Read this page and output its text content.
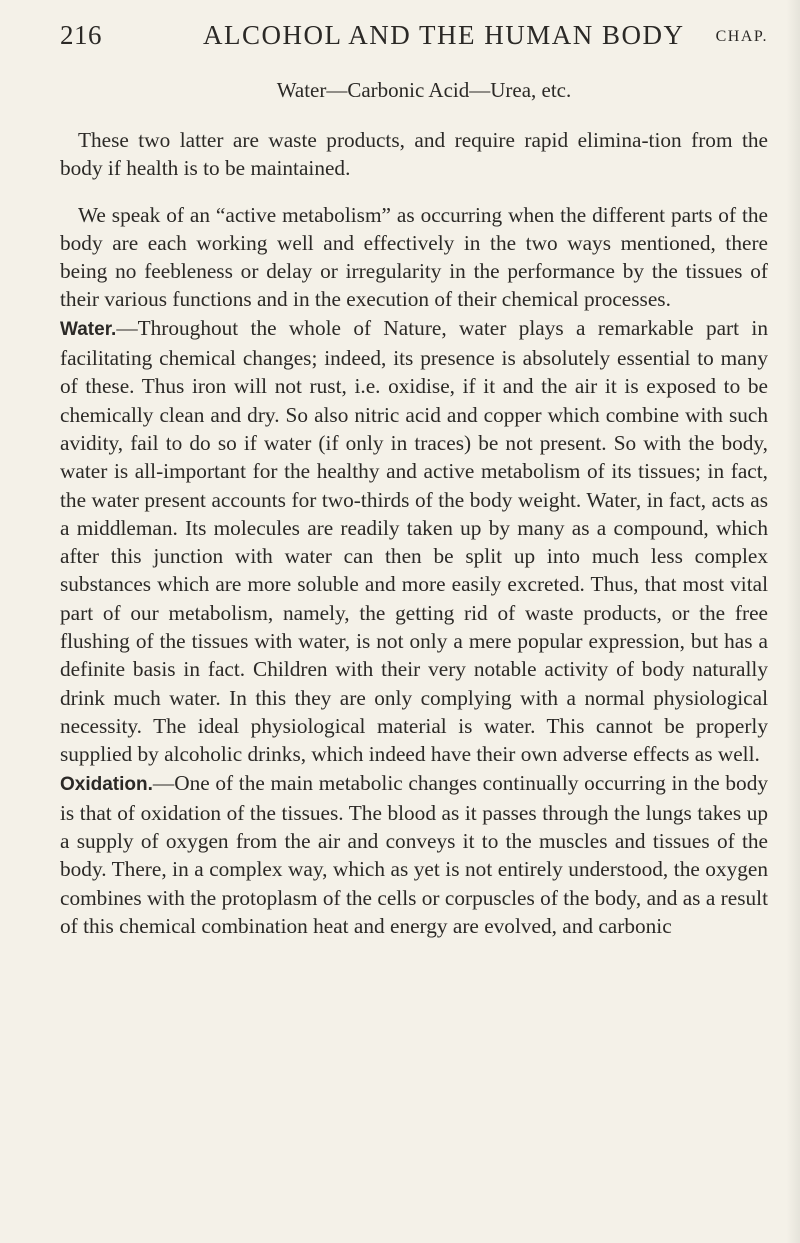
216	ALCOHOL AND THE HUMAN BODY CHAP.
Water—Carbonic Acid—Urea, etc.

These two latter are waste products, and require rapid elimina-tion from the body if health is to be maintained.

We speak of an “active metabolism” as occurring when the different parts of the body are each working well and effectively in the two ways mentioned, there being no feebleness or delay or irregularity in the performance by the tissues of their various functions and in the execution of their chemical processes.

Water.—Throughout the whole of Nature, water plays a remarkable part in facilitating chemical changes; indeed, its presence is absolutely essential to many of these. Thus iron will not rust, i.e. oxidise, if it and the air it is exposed to be chemically clean and dry. So also nitric acid and copper which combine with such avidity, fail to do so if water (if only in traces) be not present. So with the body, water is all-important for the healthy and active metabolism of its tissues; in fact, the water present accounts for two-thirds of the body weight. Water, in fact, acts as a middleman. Its molecules are readily taken up by many as a compound, which after this junction with water can then be split up into much less complex substances which are more soluble and more easily excreted. Thus, that most vital part of our metabolism, namely, the getting rid of waste products, or the free flushing of the tissues with water, is not only a mere popular expression, but has a definite basis in fact. Children with their very notable activity of body naturally drink much water. In this they are only complying with a normal physiological necessity. The ideal physiological material is water. This cannot be properly supplied by alcoholic drinks, which indeed have their own adverse effects as well.

Oxidation.—One of the main metabolic changes continually occurring in the body is that of oxidation of the tissues. The blood as it passes through the lungs takes up a supply of oxygen from the air and conveys it to the muscles and tissues of the body. There, in a complex way, which as yet is not entirely understood, the oxygen combines with the protoplasm of the cells or corpuscles of the body, and as a result of this chemical combination heat and energy are evolved, and carbonic
